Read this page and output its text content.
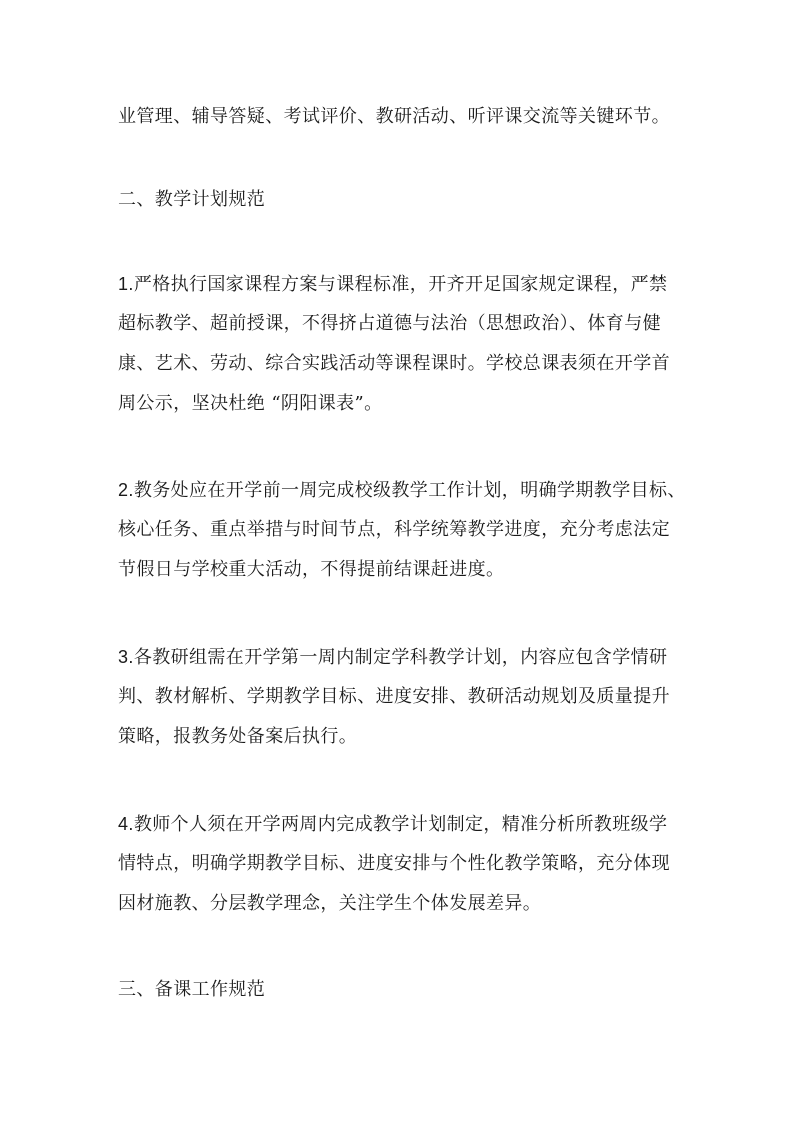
业管理、辅导答疑、考试评价、教研活动、听评课交流等关键环节。
二、教学计划规范
1.严格执行国家课程方案与课程标准，开齐开足国家规定课程，严禁
超标教学、超前授课，不得挤占道德与法治（思想政治）、体育与健
康、艺术、劳动、综合实践活动等课程课时。学校总课表须在开学首
周公示，坚决杜绝 “阴阳课表”。
2.教务处应在开学前一周完成校级教学工作计划，明确学期教学目标、
核心任务、重点举措与时间节点，科学统筹教学进度，充分考虑法定
节假日与学校重大活动，不得提前结课赶进度。
3.各教研组需在开学第一周内制定学科教学计划，内容应包含学情研
判、教材解析、学期教学目标、进度安排、教研活动规划及质量提升
策略，报教务处备案后执行。
4.教师个人须在开学两周内完成教学计划制定，精准分析所教班级学
情特点，明确学期教学目标、进度安排与个性化教学策略，充分体现
因材施教、分层教学理念，关注学生个体发展差异。
三、备课工作规范
